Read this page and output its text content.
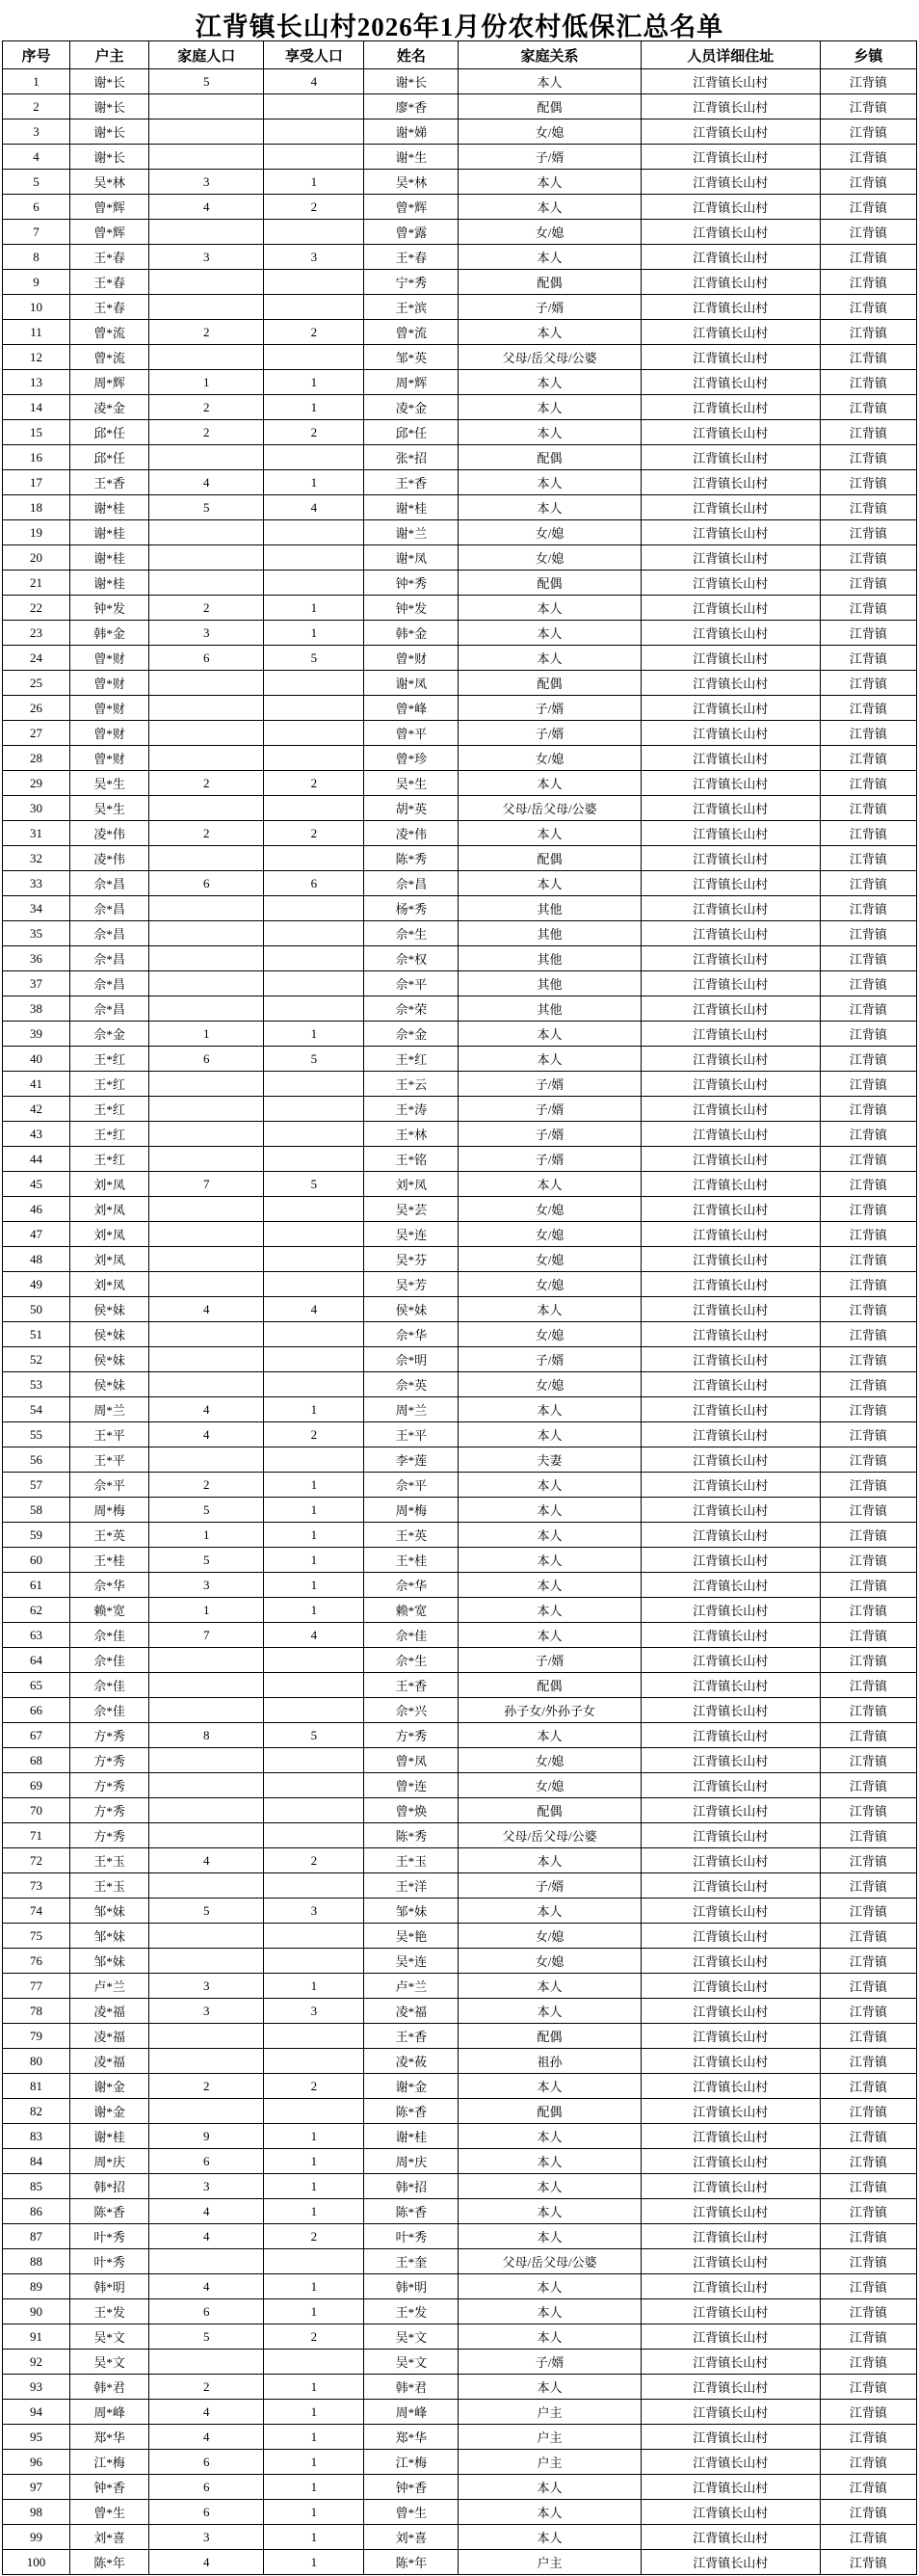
江背镇长山村2026年1月份农村低保汇总名单
序号	户主	家庭人口	享受人口	姓名	家庭关系	人员详细住址	乡镇
1	谢*长	5	4	谢*长	本人	江背镇长山村	江背镇
2	谢*长			廖*香	配偶	江背镇长山村	江背镇
3	谢*长			谢*娣	女/媳	江背镇长山村	江背镇
4	谢*长			谢*生	子/婿	江背镇长山村	江背镇
5	吴*林	3	1	吴*林	本人	江背镇长山村	江背镇
6	曾*辉	4	2	曾*辉	本人	江背镇长山村	江背镇
7	曾*辉			曾*露	女/媳	江背镇长山村	江背镇
8	王*春	3	3	王*春	本人	江背镇长山村	江背镇
9	王*春			宁*秀	配偶	江背镇长山村	江背镇
10	王*春			王*滨	子/婿	江背镇长山村	江背镇
11	曾*流	2	2	曾*流	本人	江背镇长山村	江背镇
12	曾*流			邹*英	父母/岳父母/公婆	江背镇长山村	江背镇
13	周*辉	1	1	周*辉	本人	江背镇长山村	江背镇
14	凌*金	2	1	凌*金	本人	江背镇长山村	江背镇
15	邱*任	2	2	邱*任	本人	江背镇长山村	江背镇
16	邱*任			张*招	配偶	江背镇长山村	江背镇
17	王*香	4	1	王*香	本人	江背镇长山村	江背镇
18	谢*桂	5	4	谢*桂	本人	江背镇长山村	江背镇
19	谢*桂			谢*兰	女/媳	江背镇长山村	江背镇
20	谢*桂			谢*凤	女/媳	江背镇长山村	江背镇
21	谢*桂			钟*秀	配偶	江背镇长山村	江背镇
22	钟*发	2	1	钟*发	本人	江背镇长山村	江背镇
23	韩*金	3	1	韩*金	本人	江背镇长山村	江背镇
24	曾*财	6	5	曾*财	本人	江背镇长山村	江背镇
25	曾*财			谢*凤	配偶	江背镇长山村	江背镇
26	曾*财			曾*峰	子/婿	江背镇长山村	江背镇
27	曾*财			曾*平	子/婿	江背镇长山村	江背镇
28	曾*财			曾*珍	女/媳	江背镇长山村	江背镇
29	吴*生	2	2	吴*生	本人	江背镇长山村	江背镇
30	吴*生			胡*英	父母/岳父母/公婆	江背镇长山村	江背镇
31	凌*伟	2	2	凌*伟	本人	江背镇长山村	江背镇
32	凌*伟			陈*秀	配偶	江背镇长山村	江背镇
33	佘*昌	6	6	佘*昌	本人	江背镇长山村	江背镇
34	佘*昌			杨*秀	其他	江背镇长山村	江背镇
35	佘*昌			佘*生	其他	江背镇长山村	江背镇
36	佘*昌			佘*权	其他	江背镇长山村	江背镇
37	佘*昌			佘*平	其他	江背镇长山村	江背镇
38	佘*昌			佘*荣	其他	江背镇长山村	江背镇
39	佘*金	1	1	佘*金	本人	江背镇长山村	江背镇
40	王*红	6	5	王*红	本人	江背镇长山村	江背镇
41	王*红			王*云	子/婿	江背镇长山村	江背镇
42	王*红			王*涛	子/婿	江背镇长山村	江背镇
43	王*红			王*林	子/婿	江背镇长山村	江背镇
44	王*红			王*铭	子/婿	江背镇长山村	江背镇
45	刘*凤	7	5	刘*凤	本人	江背镇长山村	江背镇
46	刘*凤			吴*芸	女/媳	江背镇长山村	江背镇
47	刘*凤			吴*连	女/媳	江背镇长山村	江背镇
48	刘*凤			吴*芬	女/媳	江背镇长山村	江背镇
49	刘*凤			吴*芳	女/媳	江背镇长山村	江背镇
50	侯*妹	4	4	侯*妹	本人	江背镇长山村	江背镇
51	侯*妹			佘*华	女/媳	江背镇长山村	江背镇
52	侯*妹			佘*明	子/婿	江背镇长山村	江背镇
53	侯*妹			佘*英	女/媳	江背镇长山村	江背镇
54	周*兰	4	1	周*兰	本人	江背镇长山村	江背镇
55	王*平	4	2	王*平	本人	江背镇长山村	江背镇
56	王*平			李*莲	夫妻	江背镇长山村	江背镇
57	佘*平	2	1	佘*平	本人	江背镇长山村	江背镇
58	周*梅	5	1	周*梅	本人	江背镇长山村	江背镇
59	王*英	1	1	王*英	本人	江背镇长山村	江背镇
60	王*桂	5	1	王*桂	本人	江背镇长山村	江背镇
61	佘*华	3	1	佘*华	本人	江背镇长山村	江背镇
62	赖*宽	1	1	赖*宽	本人	江背镇长山村	江背镇
63	佘*佳	7	4	佘*佳	本人	江背镇长山村	江背镇
64	佘*佳			佘*生	子/婿	江背镇长山村	江背镇
65	佘*佳			王*香	配偶	江背镇长山村	江背镇
66	佘*佳			佘*兴	孙子女/外孙子女	江背镇长山村	江背镇
67	方*秀	8	5	方*秀	本人	江背镇长山村	江背镇
68	方*秀			曾*凤	女/媳	江背镇长山村	江背镇
69	方*秀			曾*连	女/媳	江背镇长山村	江背镇
70	方*秀			曾*焕	配偶	江背镇长山村	江背镇
71	方*秀			陈*秀	父母/岳父母/公婆	江背镇长山村	江背镇
72	王*玉	4	2	王*玉	本人	江背镇长山村	江背镇
73	王*玉			王*洋	子/婿	江背镇长山村	江背镇
74	邹*妹	5	3	邹*妹	本人	江背镇长山村	江背镇
75	邹*妹			吴*艳	女/媳	江背镇长山村	江背镇
76	邹*妹			吴*连	女/媳	江背镇长山村	江背镇
77	卢*兰	3	1	卢*兰	本人	江背镇长山村	江背镇
78	凌*福	3	3	凌*福	本人	江背镇长山村	江背镇
79	凌*福			王*香	配偶	江背镇长山村	江背镇
80	凌*福			凌*莜	祖孙	江背镇长山村	江背镇
81	谢*金	2	2	谢*金	本人	江背镇长山村	江背镇
82	谢*金			陈*香	配偶	江背镇长山村	江背镇
83	谢*桂	9	1	谢*桂	本人	江背镇长山村	江背镇
84	周*庆	6	1	周*庆	本人	江背镇长山村	江背镇
85	韩*招	3	1	韩*招	本人	江背镇长山村	江背镇
86	陈*香	4	1	陈*香	本人	江背镇长山村	江背镇
87	叶*秀	4	2	叶*秀	本人	江背镇长山村	江背镇
88	叶*秀			王*奎	父母/岳父母/公婆	江背镇长山村	江背镇
89	韩*明	4	1	韩*明	本人	江背镇长山村	江背镇
90	王*发	6	1	王*发	本人	江背镇长山村	江背镇
91	吴*文	5	2	吴*文	本人	江背镇长山村	江背镇
92	吴*文			吴*文	子/婿	江背镇长山村	江背镇
93	韩*君	2	1	韩*君	本人	江背镇长山村	江背镇
94	周*峰	4	1	周*峰	户主	江背镇长山村	江背镇
95	郑*华	4	1	郑*华	户主	江背镇长山村	江背镇
96	江*梅	6	1	江*梅	户主	江背镇长山村	江背镇
97	钟*香	6	1	钟*香	本人	江背镇长山村	江背镇
98	曾*生	6	1	曾*生	本人	江背镇长山村	江背镇
99	刘*喜	3	1	刘*喜	本人	江背镇长山村	江背镇
100	陈*年	4	1	陈*年	户主	江背镇长山村	江背镇
